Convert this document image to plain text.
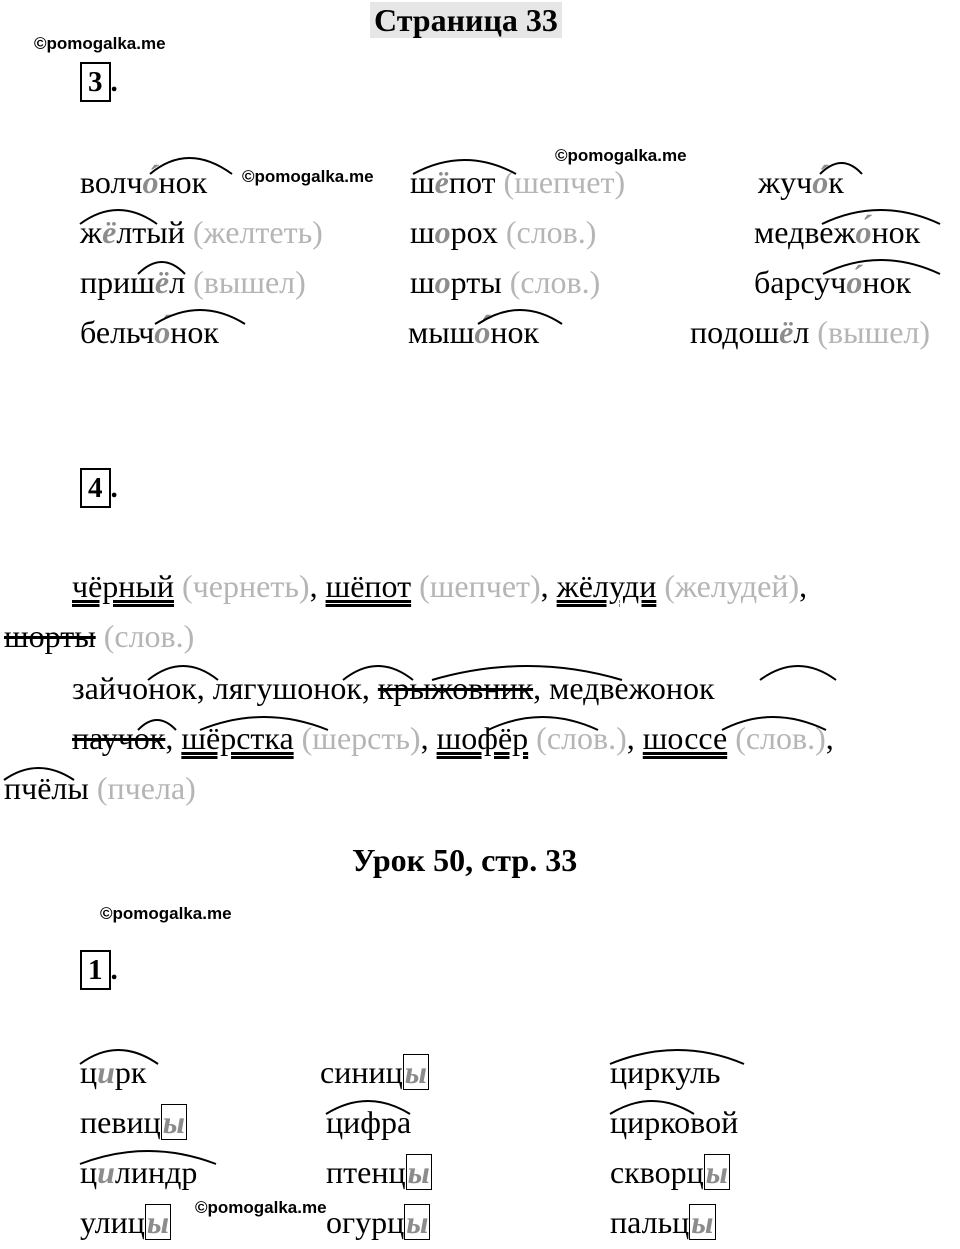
©pomogalka.me
©pomogalka.me
©pomogalka.me
©pomogalka.me
©pomogalka.me
Страница 33
3 .
волчо́нок	шёпот (шепчет)	жучо́к
жёлтый (желтеть)	шорох (слов.)	медвежо́нок
пришёл (вышел)	шорты (слов.)	барсучо́нок
бельчо́нок	мышо́нок	подошёл (вышел)
4 .
чёрный (чернеть), шёпот (шепчет), жёлуди (желудей),
шорты (слов.)
зайчонок, лягушонок, крыжовник, медвежонок
паучок, шёрстка (шерсть), шофёр (слов.), шоссе (слов.),
пчёлы (пчела)
Урок 50, стр. 33
1 .
цирк	синицы	циркуль
певицы	цифра	цирковой
цилиндр	птенцы	скворцы
улицы	огурцы	пальцы
